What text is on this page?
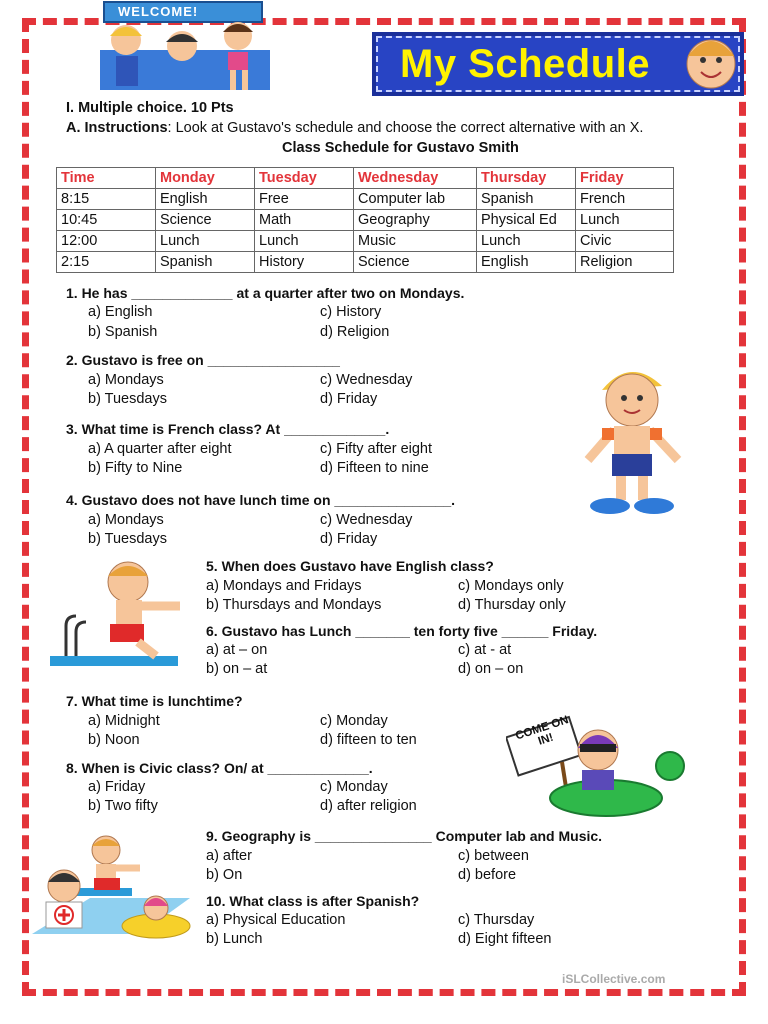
WELCOME!
My Schedule
I. Multiple choice. 10 Pts
A. Instructions: Look at Gustavo's schedule and choose the correct alternative with an X.
Class Schedule for Gustavo Smith
Time	Monday	Tuesday	Wednesday	Thursday	Friday
8:15	English	Free	Computer lab	Spanish	French
10:45	Science	Math	Geography	Physical Ed	Lunch
12:00	Lunch	Lunch	Music	Lunch	Civic
2:15	Spanish	History	Science	English	Religion
1. He has _____________ at a quarter after two on Mondays.
a) English
b) Spanish
c) History
d) Religion
2. Gustavo is free on _________________
a) Mondays
b) Tuesdays
c) Wednesday
d) Friday
3. What time is French class? At _____________.
a) A quarter after eight
b) Fifty to Nine
c) Fifty after eight
d) Fifteen to nine
4. Gustavo does not have lunch time on _______________.
a) Mondays
b) Tuesdays
c) Wednesday
d) Friday
5. When does Gustavo have English class?
a) Mondays and Fridays
b) Thursdays and Mondays
c) Mondays only
d) Thursday only
6. Gustavo has Lunch _______ ten forty five ______ Friday.
a) at – on
b) on – at
c) at - at
d) on – on
7. What time is lunchtime?
a) Midnight
b) Noon
c) Monday
d) fifteen to ten
8. When is Civic class? On/ at _____________.
a) Friday
b) Two fifty
c) Monday
d) after religion
COME ON IN!
9. Geography is _______________ Computer lab and Music.
a) after
b) On
c) between
d) before
10. What class is after Spanish?
a) Physical Education
b) Lunch
c) Thursday
d) Eight fifteen
iSLCollective.com
